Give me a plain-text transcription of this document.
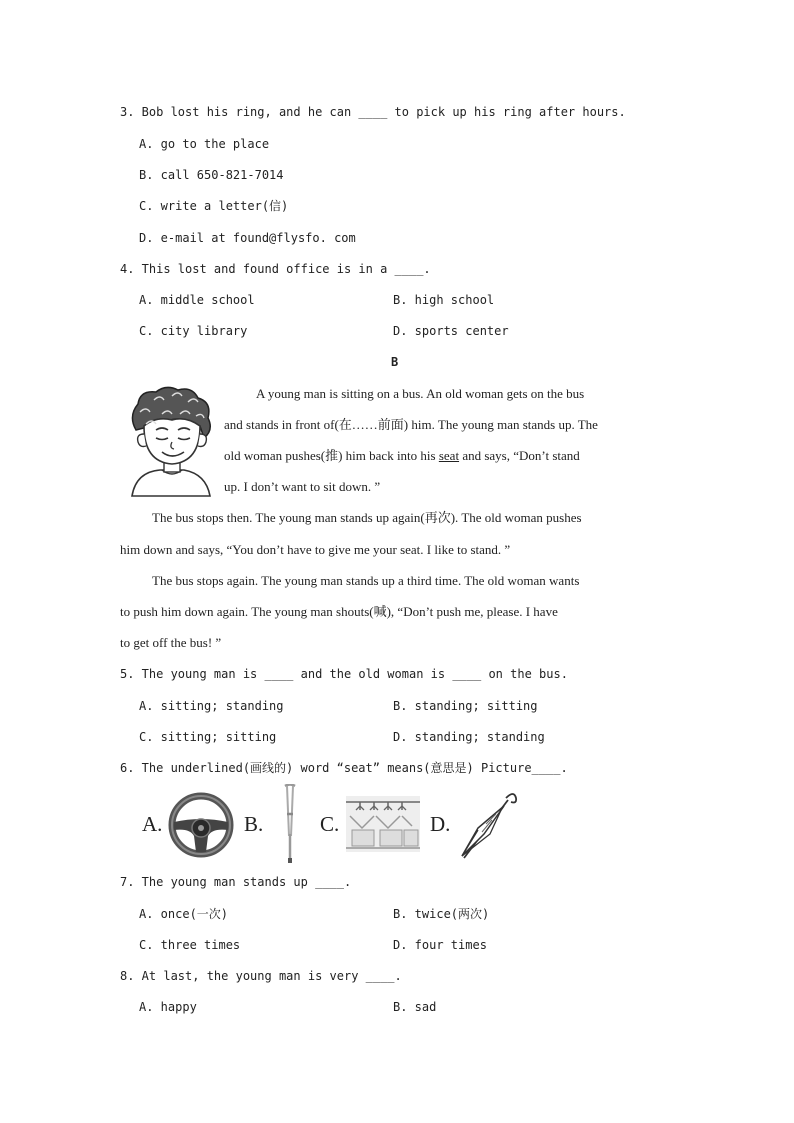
3. Bob lost his ring, and he can ____ to pick up his ring after hours.
A. go to the place
B. call 650-821-7014
C. write a letter(信)
D. e-mail at found@flysfo. com
4. This lost and found office is in a ____.
A. middle school	B. high school
C. city library	D. sports center
B
A young man is sitting on a bus. An old woman gets on the bus
and stands in front of(在……前面) him. The young man stands up. The
old woman pushes(推) him back into his seat and says, “Don’t stand
up. I don’t want to sit down. ”
The bus stops then. The young man stands up again(再次). The old woman pushes
him down and says, “You don’t have to give me your seat. I like to stand. ”
The bus stops again. The young man stands up a third time. The old woman wants
to push him down again. The young man shouts(喊), “Don’t push me, please. I have
to get off the bus! ”
5. The young man is ____ and the old woman is ____ on the bus.
A. sitting; standing	B. standing; sitting
C. sitting; sitting	D. standing; standing
6. The underlined(画线的) word “seat” means(意思是) Picture____.
A.	B.	C.	D.
7. The young man stands up ____.
A. once(一次)	B. twice(两次)
C. three times	D. four times
8. At last, the young man is very ____.
A. happy	B. sad
